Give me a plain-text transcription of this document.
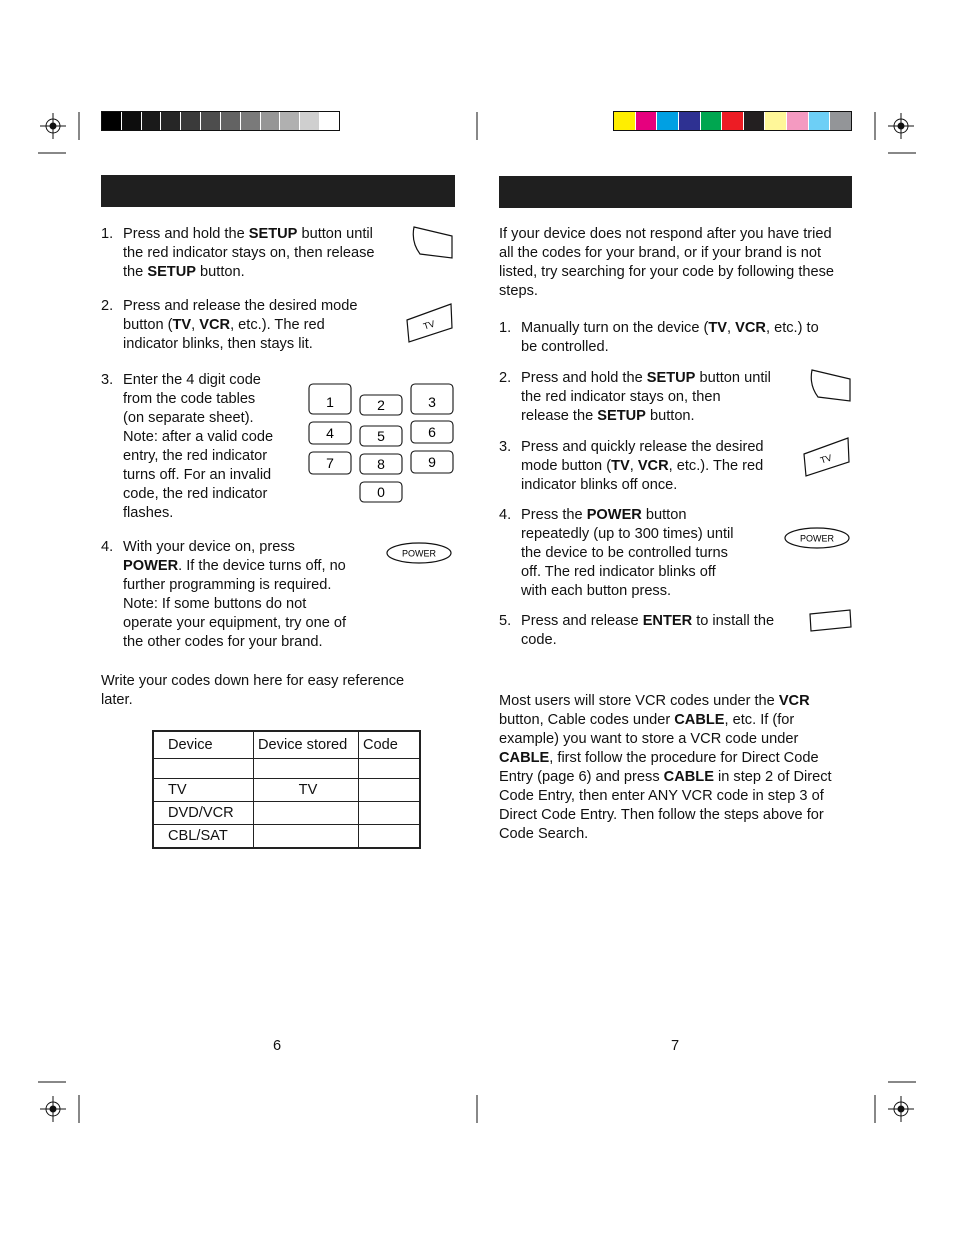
TV
1	2	3
4	5	6
7	8	9
0
POWER
Write your codes down here for easy reference
later.
Device	Device stored	Code

TV	TV	
DVD/VCR		
CBL/SAT		
6
If your device does not respond after you have tried
all the codes for your brand, or if your brand is not
listed, try searching for your code by following these
steps.
TV
POWER
Most users will store VCR codes under the VCR
button, Cable codes under CABLE, etc. If (for
example) you want to store a VCR code under
CABLE, first follow the procedure for Direct Code
Entry (page 6) and press CABLE in step 2 of Direct
Code Entry, then enter ANY VCR code in step 3 of
Direct Code Entry. Then follow the steps above for
Code Search.
7
1. Press and hold the SETUP button until
the red indicator stays on, then release
the SETUP button.
2. Press and release the desired mode
button (TV, VCR, etc.). The red
indicator blinks, then stays lit.
3. Enter the 4 digit code
from the code tables
(on separate sheet).
Note: after a valid code
entry, the red indicator
turns off. For an invalid
code, the red indicator
flashes.
4. With your device on, press
POWER. If the device turns off, no
further programming is required.
Note: If some buttons do not
operate your equipment, try one of
the other codes for your brand.
1. Manually turn on the device (TV, VCR, etc.) to
be controlled.
2. Press and hold the SETUP button until
the red indicator stays on, then
release the SETUP button.
3. Press and quickly release the desired
mode button (TV, VCR, etc.). The red
indicator blinks off once.
4. Press the POWER button
repeatedly (up to 300 times) until
the device to be controlled turns
off. The red indicator blinks off
with each button press.
5. Press and release ENTER to install the
code.
